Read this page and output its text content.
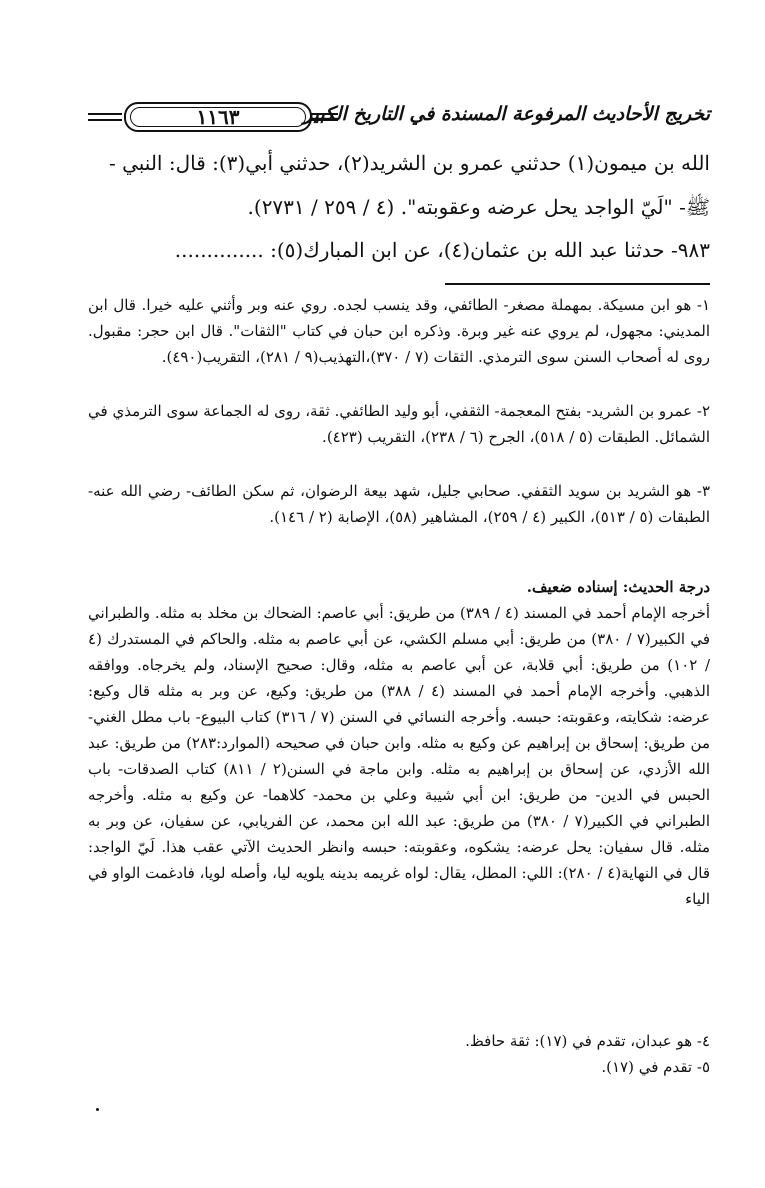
تخريج الأحاديث المرفوعة المسندة في التاريخ الكبير
١١٦٣
الله بن ميمون(١) حدثني عمرو بن الشريد(٢)، حدثني أبي(٣): قال: النبي -
ﷺ- "لَيّ الواجد يحل عرضه وعقوبته". (٤ / ٢٥٩ / ٢٧٣١).
٩٨٣- حدثنا عبد الله بن عثمان(٤)، عن ابن المبارك(٥): ..............
١- هو ابن مسيكة. بمهملة مصغر- الطائفي، وقد ينسب لجده. روي عنه وبر وأثني عليه خيرا. قال ابن المديني: مجهول، لم يروي عنه غير وبرة. وذكره ابن حبان في كتاب "الثقات". قال ابن حجر: مقبول. روى له أصحاب السنن سوى الترمذي. الثقات (٧ / ٣٧٠)،التهذيب(٩ / ٢٨١)، التقريب(٤٩٠).
٢- عمرو بن الشريد- بفتح المعجمة- الثقفي، أبو وليد الطائفي. ثقة، روى له الجماعة سوى الترمذي في الشمائل. الطبقات (٥ / ٥١٨)، الجرح (٦ / ٢٣٨)، التقريب (٤٢٣).
٣- هو الشريد بن سويد الثقفي. صحابي جليل، شهد بيعة الرضوان، ثم سكن الطائف- رضي الله عنه- الطبقات (٥ / ٥١٣)، الكبير (٤ / ٢٥٩)، المشاهير (٥٨)، الإصابة (٢ / ١٤٦).
درجة الحديث: إسناده ضعيف.
أخرجه الإمام أحمد في المسند (٤ / ٣٨٩) من طريق: أبي عاصم: الضحاك بن مخلد به مثله. والطبراني في الكبير(٧ / ٣٨٠) من طريق: أبي مسلم الكشي، عن أبي عاصم به مثله. والحاكم في المستدرك (٤ / ١٠٢) من طريق: أبي قلابة، عن أبي عاصم به مثله، وقال: صحيح الإسناد، ولم يخرجاه. ووافقه الذهبي. وأخرجه الإمام أحمد في المسند (٤ / ٣٨٨) من طريق: وكيع، عن وبر به مثله قال وكيع: عرضه: شكايته، وعقوبته: حبسه. وأخرجه النسائي في السنن (٧ / ٣١٦) كتاب البيوع- باب مطل الغني- من طريق: إسحاق بن إبراهيم عن وكيع به مثله. وابن حبان في صحيحه (الموارد:٢٨٣) من طريق: عبد الله الأزدي، عن إسحاق بن إبراهيم به مثله. وابن ماجة في السنن(٢ / ٨١١) كتاب الصدقات- باب الحبس في الدين- من طريق: ابن أبي شيبة وعلي بن محمد- كلاهما- عن وكيع به مثله. وأخرجه الطبراني في الكبير(٧ / ٣٨٠) من طريق: عبد الله ابن محمد، عن الفريابي، عن سفيان، عن وبر به مثله. قال سفيان: يحل عرضه: يشكوه، وعقوبته: حبسه وانظر الحديث الآتي عقب هذا. لَيّ الواجد: قال في النهاية(٤ / ٢٨٠): اللي: المطل، يقال: لواه غريمه بدينه يلويه ليا، وأصله لويا، فادغمت الواو في الياء
٤- هو عبدان، تقدم في (١٧): ثقة حافظ.
٥- تقدم في (١٧).
